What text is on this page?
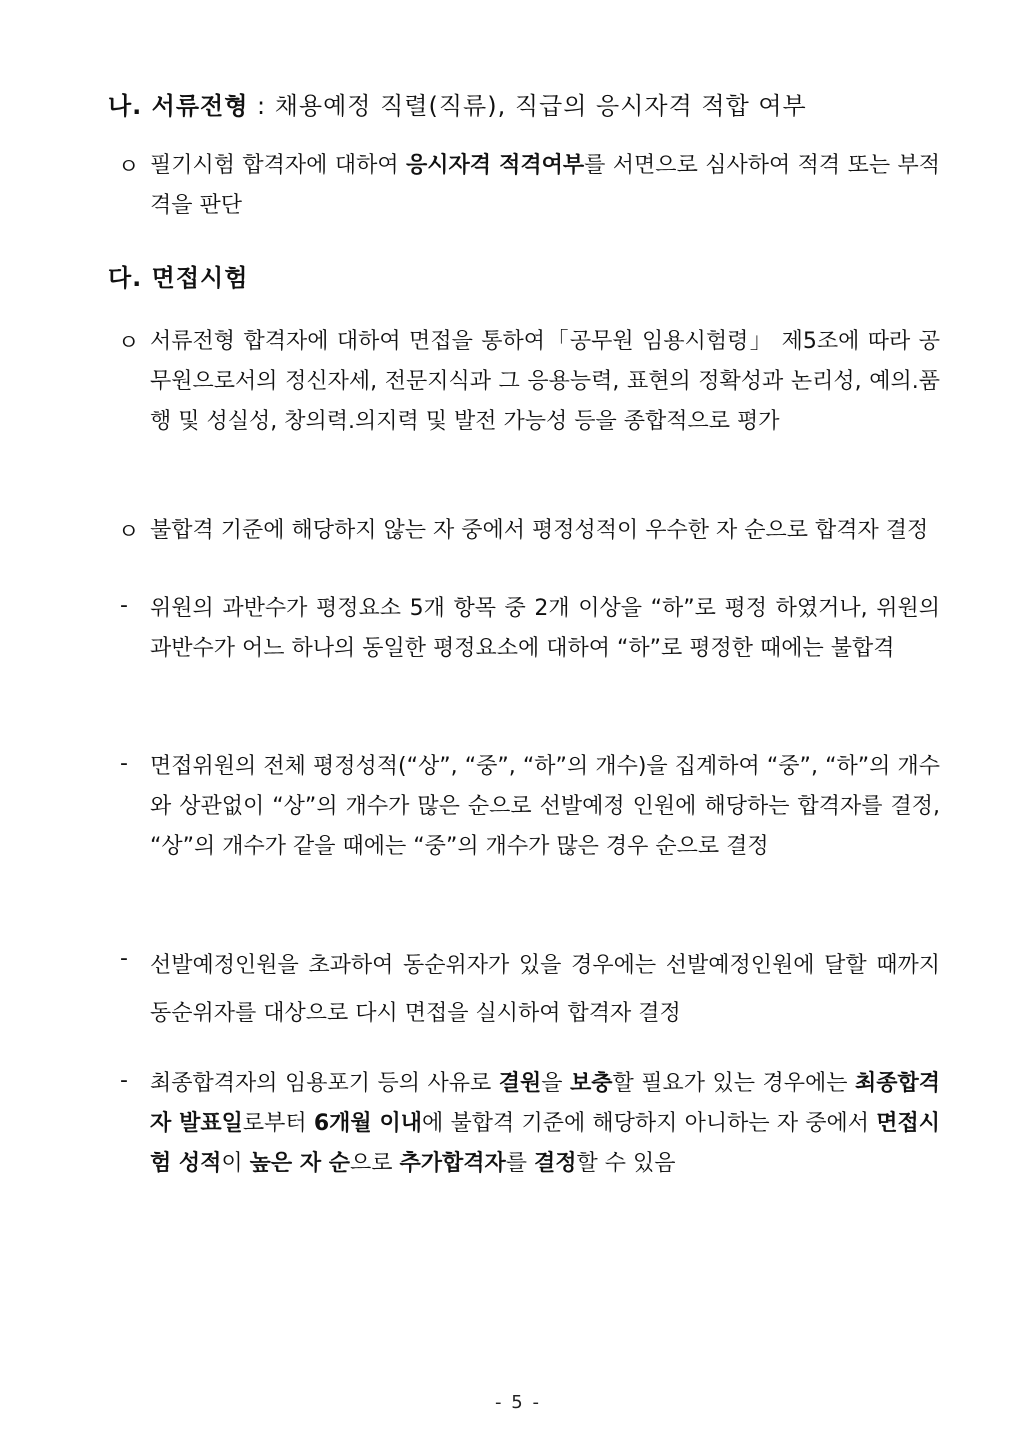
나. 서류전형 : 채용예정 직렬(직류), 직급의 응시자격 적합 여부
ㅇ 필기시험 합격자에 대하여 응시자격 적격여부를 서면으로 심사하여 적격 또는 부적격을 판단
다. 면접시험
ㅇ 서류전형 합격자에 대하여 면접을 통하여「공무원 임용시험령」 제5조에 따라 공무원으로서의 정신자세, 전문지식과 그 응용능력, 표현의 정확성과 논리성, 예의.품행 및 성실성, 창의력.의지력 및 발전 가능성 등을 종합적으로 평가
ㅇ 불합격 기준에 해당하지 않는 자 중에서 평정성적이 우수한 자 순으로 합격자 결정
- 위원의 과반수가 평정요소 5개 항목 중 2개 이상을 “하”로 평정 하였거나, 위원의 과반수가 어느 하나의 동일한 평정요소에 대하여 “하”로 평정한 때에는 불합격
- 면접위원의 전체 평정성적(“상”, “중”, “하”의 개수)을 집계하여 “중”, “하”의 개수와 상관없이 “상”의 개수가 많은 순으로 선발예정 인원에 해당하는 합격자를 결정, “상”의 개수가 같을 때에는 “중”의 개수가 많은 경우 순으로 결정
- 선발예정인원을 초과하여 동순위자가 있을 경우에는 선발예정인원에 달할 때까지 동순위자를 대상으로 다시 면접을 실시하여 합격자 결정
- 최종합격자의 임용포기 등의 사유로 결원을 보충할 필요가 있는 경우에는 최종합격자 발표일로부터 6개월 이내에 불합격 기준에 해당하지 아니하는 자 중에서 면접시험 성적이 높은 자 순으로 추가합격자를 결정할 수 있음
- 5 -
